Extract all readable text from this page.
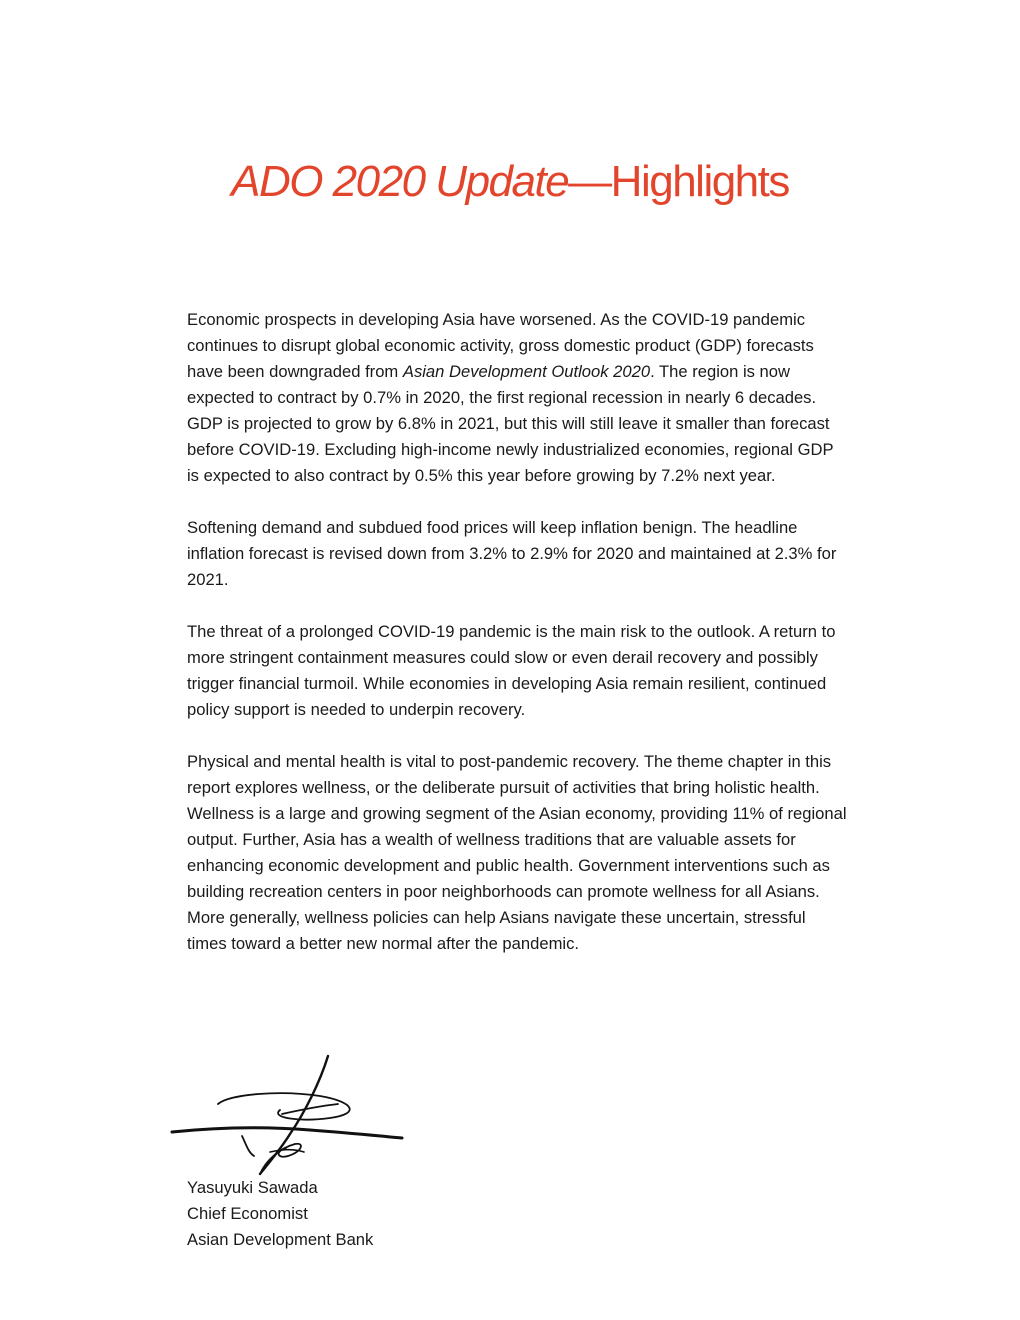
ADO 2020 Update—Highlights

Economic prospects in developing Asia have worsened. As the COVID-19 pandemic continues to disrupt global economic activity, gross domestic product (GDP) forecasts have been downgraded from Asian Development Outlook 2020. The region is now expected to contract by 0.7% in 2020, the first regional recession in nearly 6 decades. GDP is projected to grow by 6.8% in 2021, but this will still leave it smaller than forecast before COVID-19. Excluding high-income newly industrialized economies, regional GDP is expected to also contract by 0.5% this year before growing by 7.2% next year.

Softening demand and subdued food prices will keep inflation benign. The headline inflation forecast is revised down from 3.2% to 2.9% for 2020 and maintained at 2.3% for 2021.

The threat of a prolonged COVID-19 pandemic is the main risk to the outlook. A return to more stringent containment measures could slow or even derail recovery and possibly trigger financial turmoil. While economies in developing Asia remain resilient, continued policy support is needed to underpin recovery.

Physical and mental health is vital to post-pandemic recovery. The theme chapter in this report explores wellness, or the deliberate pursuit of activities that bring holistic health. Wellness is a large and growing segment of the Asian economy, providing 11% of regional output. Further, Asia has a wealth of wellness traditions that are valuable assets for enhancing economic development and public health. Government interventions such as building recreation centers in poor neighborhoods can promote wellness for all Asians. More generally, wellness policies can help Asians navigate these uncertain, stressful times toward a better new normal after the pandemic.

Yasuyuki Sawada
Chief Economist
Asian Development Bank
